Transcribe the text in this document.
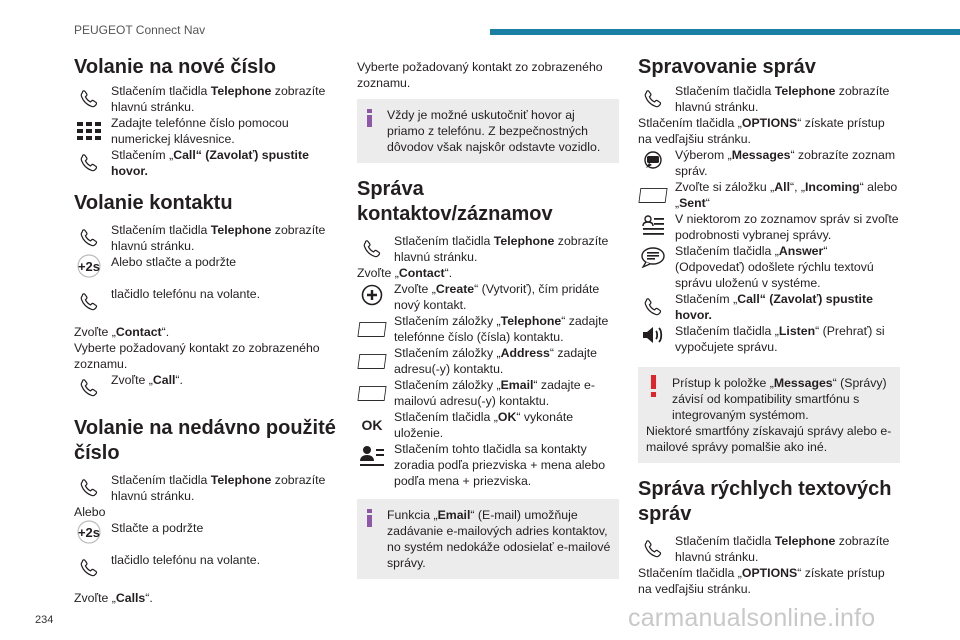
PEUGEOT Connect Nav
Volanie na nové číslo
Stlačením tlačidla Telephone zobrazíte hlavnú stránku.
Zadajte telefónne číslo pomocou numerickej klávesnice.
Stlačením „Call“ (Zavolať) spustite hovor.
Volanie kontaktu
Stlačením tlačidla Telephone zobrazíte hlavnú stránku.
+2s Alebo stlačte a podržte
tlačidlo telefónu na volante.
Zvoľte „Contact“.
Vyberte požadovaný kontakt zo zobrazeného zoznamu.
Zvoľte „Call“.
Volanie na nedávno použité číslo
Stlačením tlačidla Telephone zobrazíte hlavnú stránku.
Alebo
+2s Stlačte a podržte
tlačidlo telefónu na volante.
Zvoľte „Calls“.
Vyberte požadovaný kontakt zo zobrazeného zoznamu.
Vždy je možné uskutočniť hovor aj priamo z telefónu. Z bezpečnostných dôvodov však najskôr odstavte vozidlo.
Správa kontaktov/záznamov
Stlačením tlačidla Telephone zobrazíte hlavnú stránku.
Zvoľte „Contact“.
Zvoľte „Create“ (Vytvoriť), čím pridáte nový kontakt.
Stlačením záložky „Telephone“ zadajte telefónne číslo (čísla) kontaktu.
Stlačením záložky „Address“ zadajte adresu(-y) kontaktu.
Stlačením záložky „Email“ zadajte e-mailovú adresu(-y) kontaktu.
OK Stlačením tlačidla „OK“ vykonáte uloženie.
Stlačením tohto tlačidla sa kontakty zoradia podľa priezviska + mena alebo podľa mena + priezviska.
Funkcia „Email“ (E-mail) umožňuje zadávanie e-mailových adries kontaktov, no systém nedokáže odosielať e-mailové správy.
Spravovanie správ
Stlačením tlačidla Telephone zobrazíte hlavnú stránku.
Stlačením tlačidla „OPTIONS“ získate prístup na vedľajšiu stránku.
Výberom „Messages“ zobrazíte zoznam správ.
Zvoľte si záložku „All“, „Incoming“ alebo „Sent“
V niektorom zo zoznamov správ si zvoľte podrobnosti vybranej správy.
Stlačením tlačidla „Answer“ (Odpovedať) odošlete rýchlu textovú správu uloženú v systéme.
Stlačením „Call“ (Zavolať) spustite hovor.
Stlačením tlačidla „Listen“ (Prehrať) si vypočujete správu.
Prístup k položke „Messages“ (Správy) závisí od kompatibility smartfónu s integrovaným systémom.
Niektoré smartfóny získavajú správy alebo e-mailové správy pomalšie ako iné.
Správa rýchlych textových správ
Stlačením tlačidla Telephone zobrazíte hlavnú stránku.
Stlačením tlačidla „OPTIONS“ získate prístup na vedľajšiu stránku.
234	carmanualsonline.info
